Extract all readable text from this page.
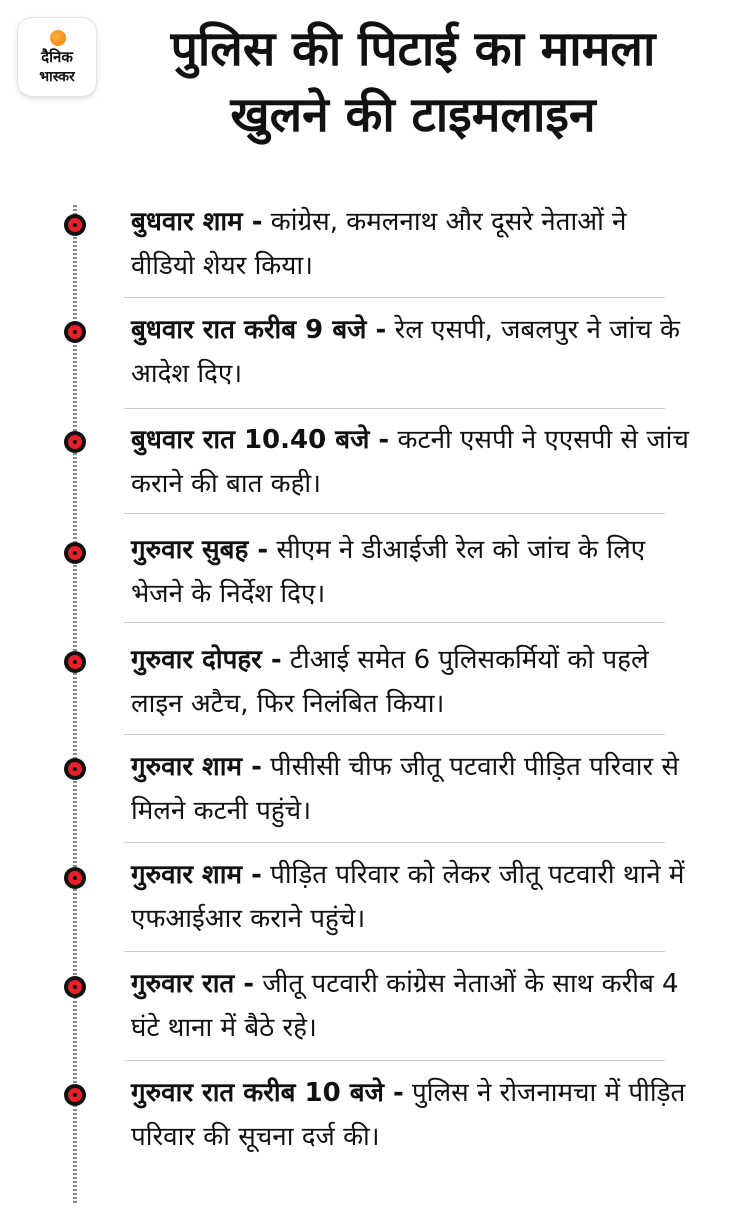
दैनिक
भास्कर	पुलिस की पिटाई का मामला
खुलने की टाइमलाइन
बुधवार शाम - कांग्रेस, कमलनाथ और दूसरे नेताओं ने वीडियो शेयर किया।
बुधवार रात करीब 9 बजे - रेल एसपी, जबलपुर ने जांच के आदेश दिए।
बुधवार रात 10.40 बजे - कटनी एसपी ने एएसपी से जांच कराने की बात कही।
गुरुवार सुबह - सीएम ने डीआईजी रेल को जांच के लिए भेजने के निर्देश दिए।
गुरुवार दोपहर - टीआई समेत 6 पुलिसकर्मियों को पहले लाइन अटैच, फिर निलंबित किया।
गुरुवार शाम - पीसीसी चीफ जीतू पटवारी पीड़ित परिवार से मिलने कटनी पहुंचे।
गुरुवार शाम - पीड़ित परिवार को लेकर जीतू पटवारी थाने में एफआईआर कराने पहुंचे।
गुरुवार रात - जीतू पटवारी कांग्रेस नेताओं के साथ करीब 4 घंटे थाना में बैठे रहे।
गुरुवार रात करीब 10 बजे - पुलिस ने रोजनामचा में पीड़ित परिवार की सूचना दर्ज की।
